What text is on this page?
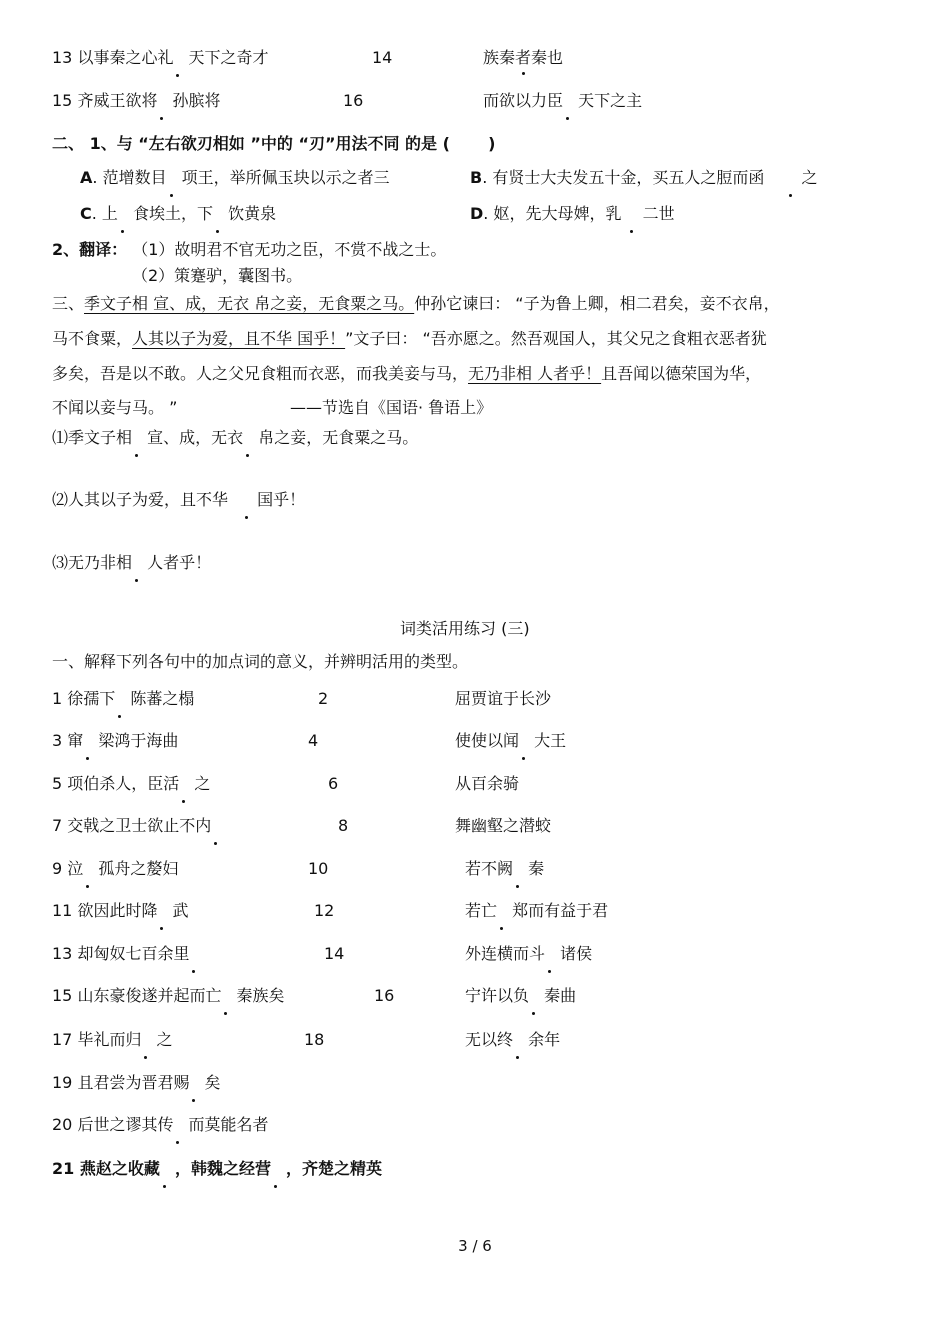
13 以事秦之心礼 天下之奇才	14	族秦者秦也
15 齐威王欲将 孙膑将	16	而欲以力臣 天下之主
二、 1、与 “左右欲刃相如 ”中的 “刃”用法不同 的是 ( )
A. 范增数目 项王，举所佩玉块以示之者三	B. 有贤士大夫发五十金，买五人之脰而函 之
C. 上 食埃土，下 饮黄泉	D. 妪，先大母婢，乳 二世
2、翻译： （1）故明君不官无功之臣，不赏不战之士。
（2）策蹇驴，囊图书。
三、季文子相 宣、成，无衣 帛之妾，无食粟之马。仲孙它谏曰： “子为鲁上卿，相二君矣，妾不衣帛，
马不食粟，人其以子为爱，且不华 国乎！”文子曰： “吾亦愿之。然吾观国人，其父兄之食粗衣恶者犹
多矣，吾是以不敢。人之父兄食粗而衣恶，而我美妾与马，无乃非相 人者乎！且吾闻以德荣国为华，
不闻以妾与马。 ”	——节选自《国语· 鲁语上》
⑴季文子相 宣、成，无衣 帛之妾，无食粟之马。
⑵人其以子为爱，且不华 国乎！
⑶无乃非相 人者乎！
词类活用练习 (三)
一、解释下列各句中的加点词的意义，并辨明活用的类型。
1 徐孺下 陈蕃之榻	2	屈贾谊于长沙
3 窜 梁鸿于海曲	4	使使以闻 大王
5 项伯杀人，臣活 之	6	从百余骑
7 交戟之卫士欲止不内	8	舞幽壑之潜蛟
9 泣 孤舟之嫠妇	10	若不阙 秦
11 欲因此时降 武	12	若亡 郑而有益于君
13 却匈奴七百余里	14	外连横而斗 诸侯
15 山东豪俊遂并起而亡 秦族矣	16	宁许以负 秦曲
17 毕礼而归 之	18	无以终 余年
19 且君尝为晋君赐 矣
20 后世之谬其传 而莫能名者
21 燕赵之收藏 ，韩魏之经营 ，齐楚之精英
3 / 6
